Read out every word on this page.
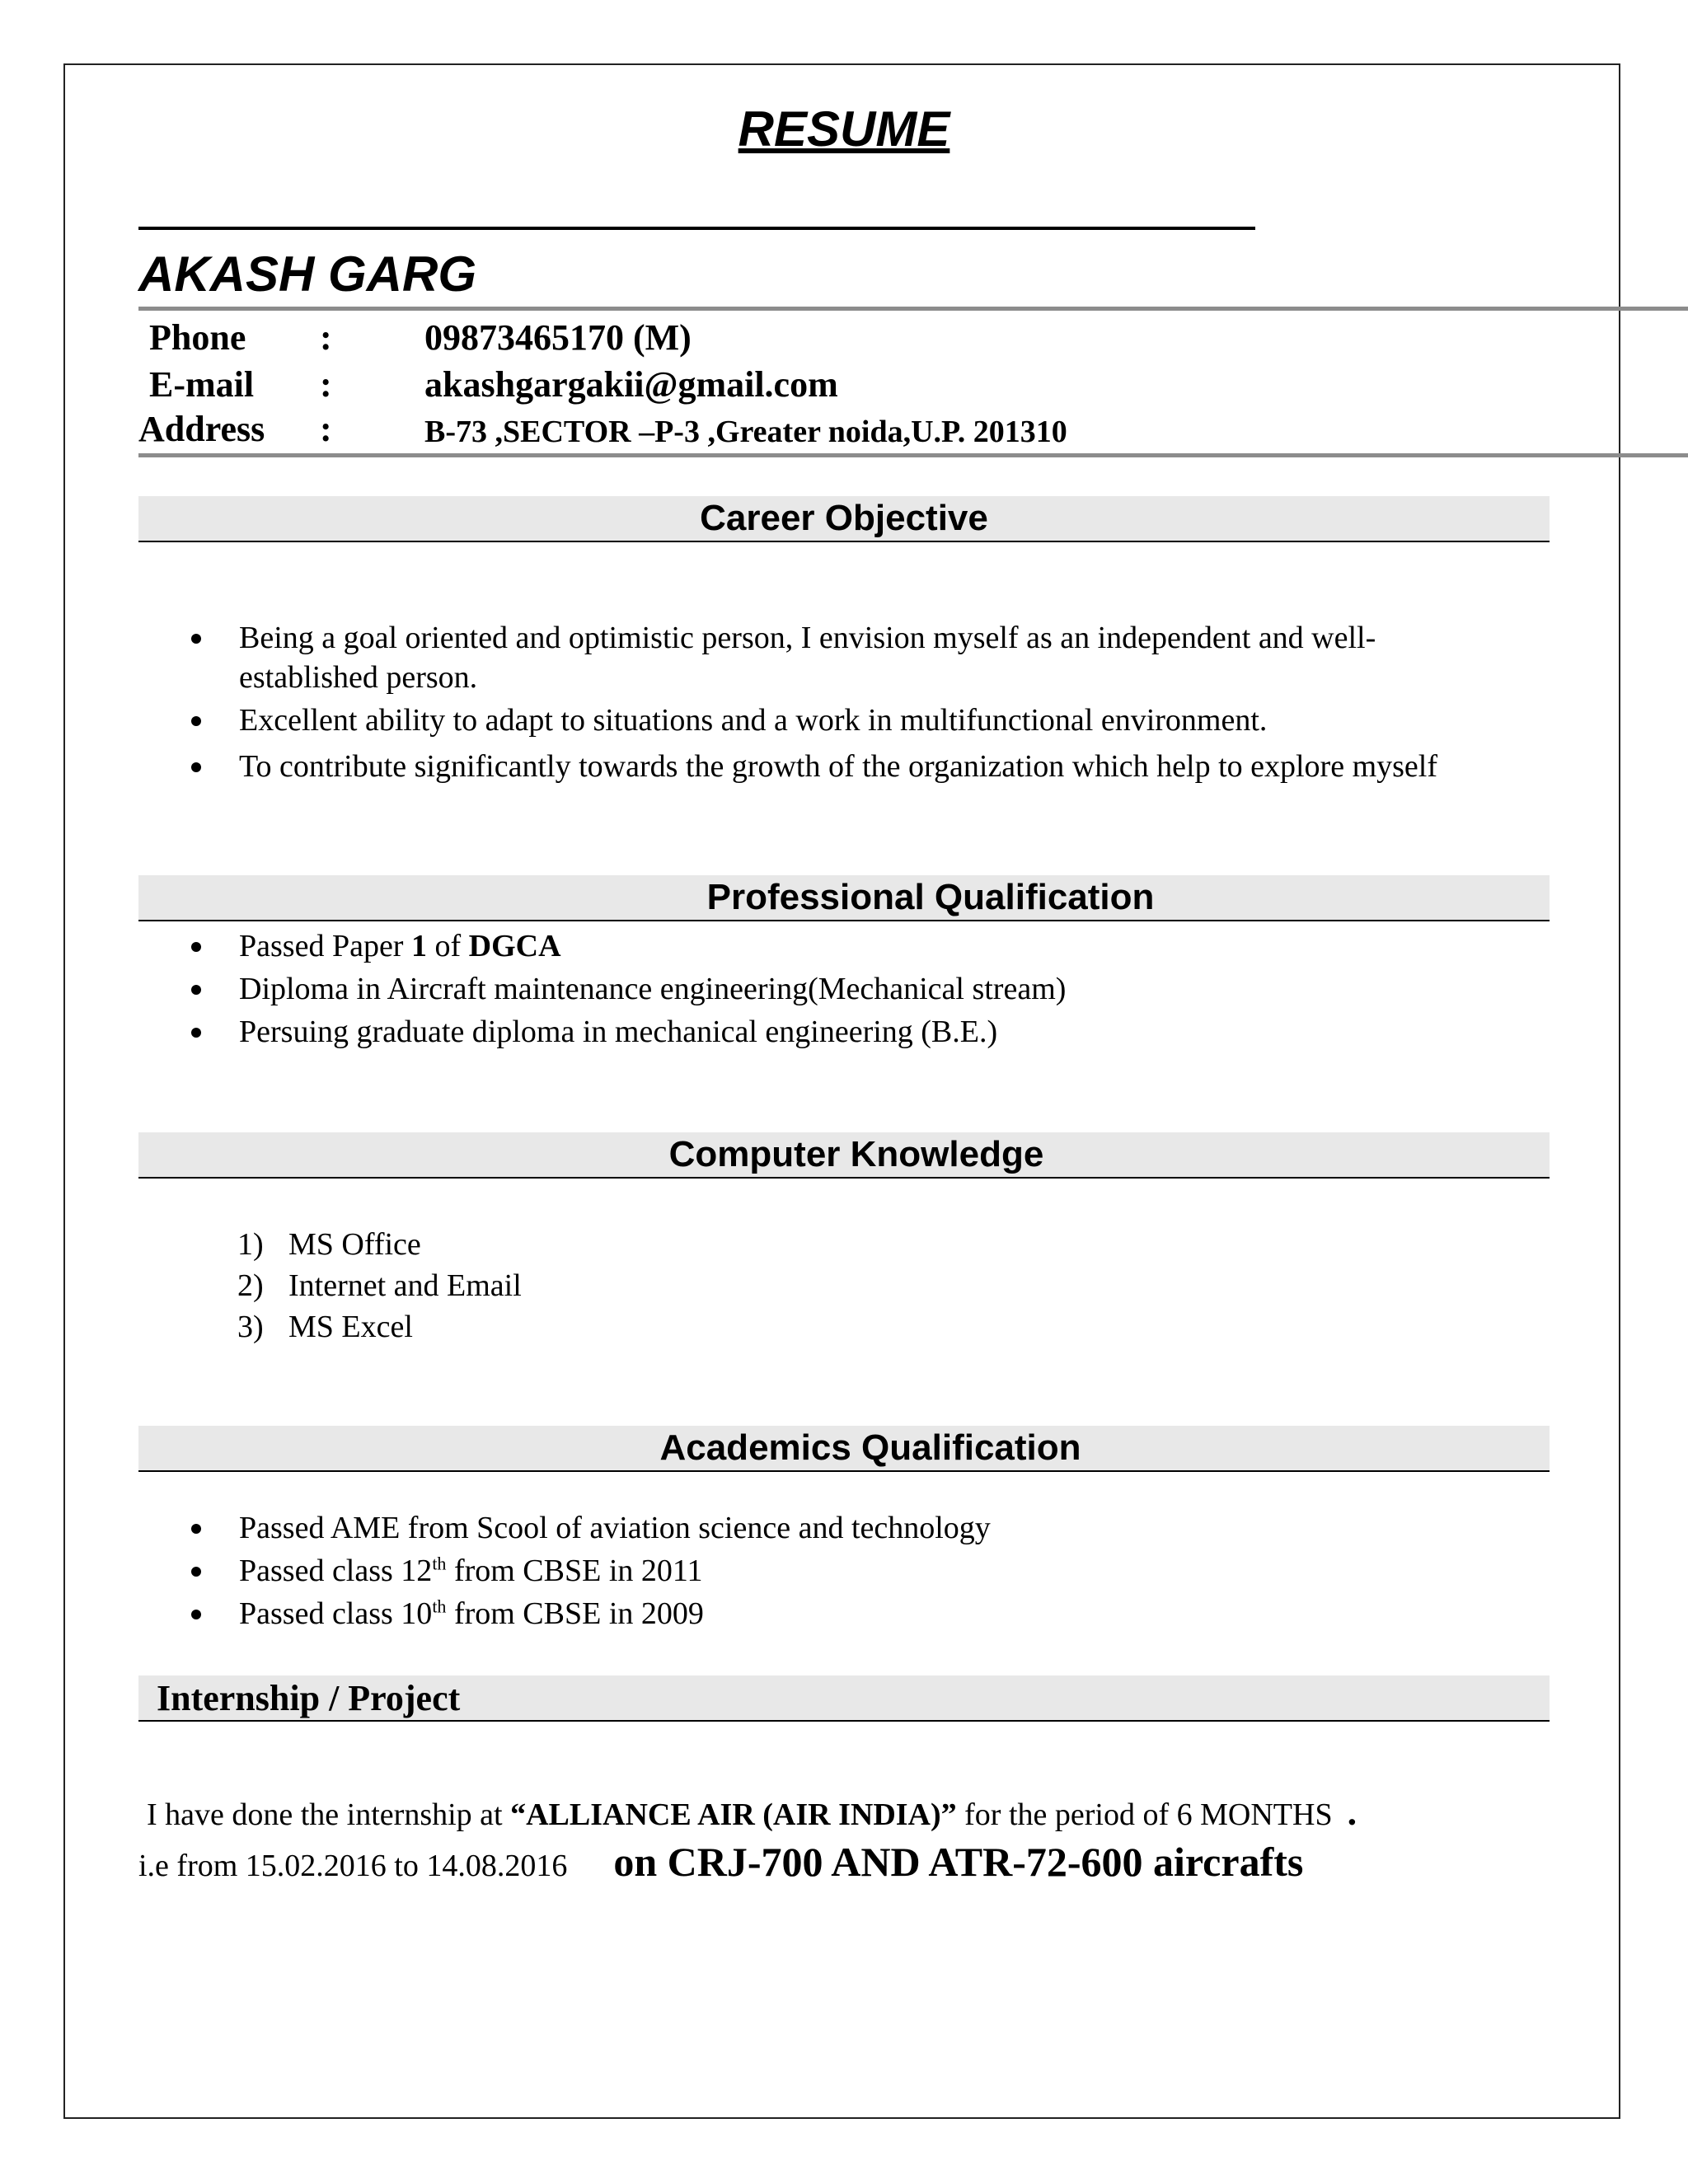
RESUME
AKASH GARG
Phone :	09873465170 (M)
E-mail :	akashgargakii@gmail.com
Address :	B-73 ,SECTOR –P-3 ,Greater noida,U.P. 201310
Career Objective
Being a goal oriented and optimistic person, I envision myself as an independent and well-
established person.
Excellent ability to adapt to situations and a work in multifunctional environment.
To contribute significantly towards the growth of the organization which help to explore myself
Professional Qualification
Passed Paper 1 of DGCA
Diploma in Aircraft maintenance engineering(Mechanical stream)
Persuing graduate diploma in mechanical engineering (B.E.)
Computer Knowledge
1) MS Office
2) Internet and Email
3) MS Excel
Academics Qualification
Passed AME from Scool of aviation science and technology
Passed class 12th from CBSE in 2011
Passed class 10th from CBSE in 2009
Internship / Project
I have done the internship at “ALLIANCE AIR (AIR INDIA)” for the period of 6 MONTHS .
i.e from 15.02.2016 to 14.08.2016 on CRJ-700 AND ATR-72-600 aircrafts
